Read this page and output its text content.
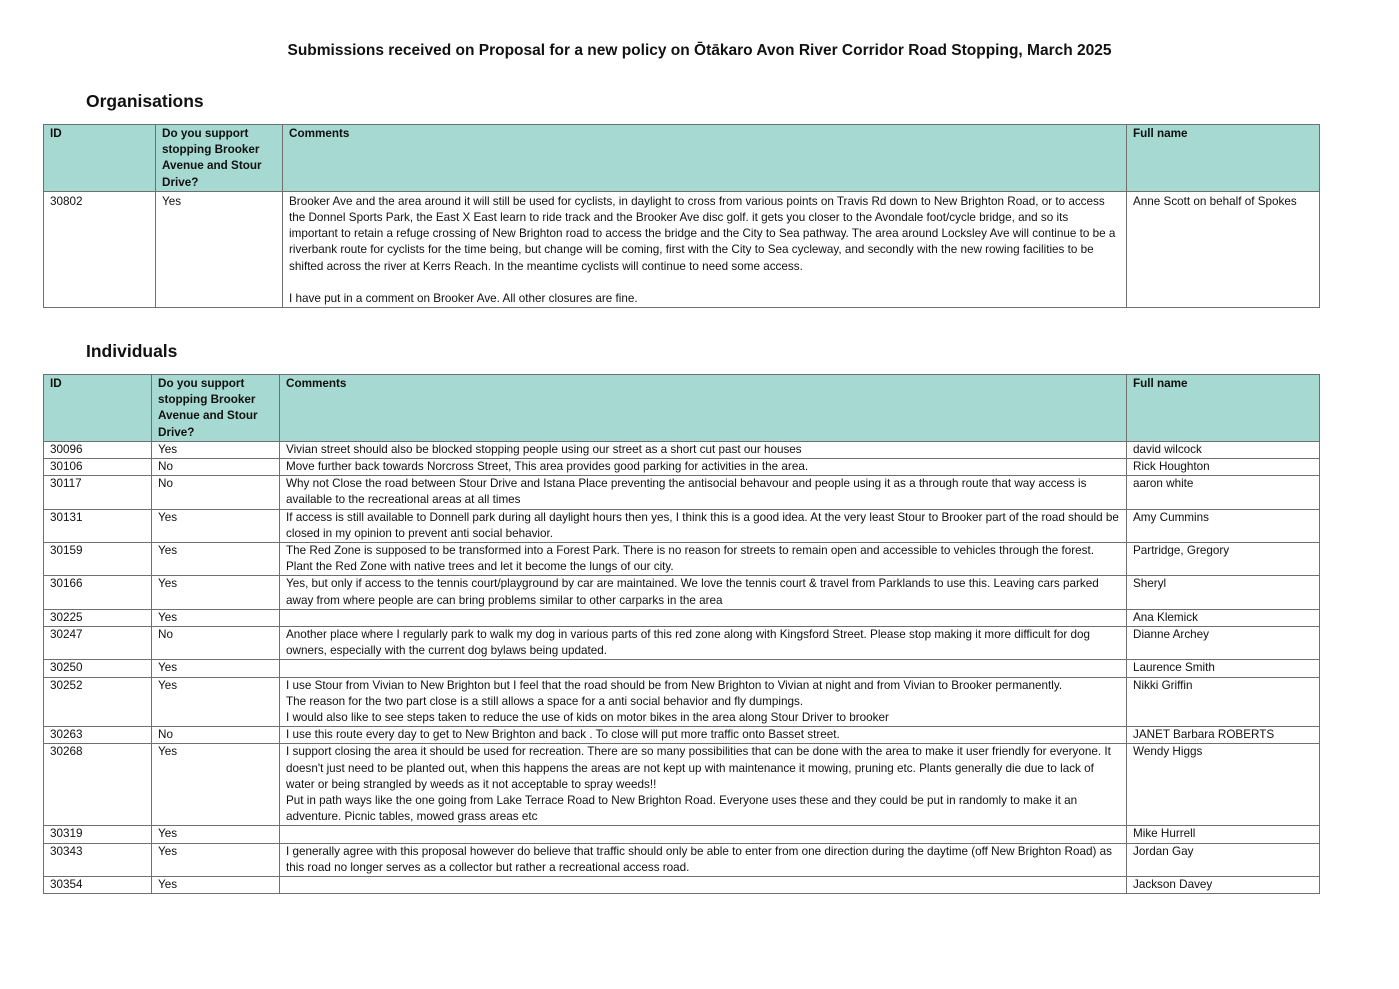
Submissions received on Proposal for a new policy on Ōtākaro Avon River Corridor Road Stopping, March 2025
Organisations
ID	Do you support stopping Brooker Avenue and Stour Drive?	Comments	Full name
30802	Yes	Brooker Ave and the area around it will still be used for cyclists, in daylight to cross from various points on Travis Rd down to New Brighton Road, or to access the Donnel Sports Park, the East X East learn to ride track and the Brooker Ave disc golf. it gets you closer to the Avondale foot/cycle bridge, and so its important to retain a refuge crossing of New Brighton road to access the bridge and the City to Sea pathway. The area around Locksley Ave will continue to be a riverbank route for cyclists for the time being, but change will be coming, first with the City to Sea cycleway, and secondly with the new rowing facilities to be shifted across the river at Kerrs Reach. In the meantime cyclists will continue to need some access.

I have put in a comment on Brooker Ave. All other closures are fine.	Anne Scott on behalf of Spokes
Individuals
ID	Do you support stopping Brooker Avenue and Stour Drive?	Comments	Full name
30096	Yes	Vivian street should also be blocked stopping people using our street as a short cut past our houses	david wilcock
30106	No	Move further back towards Norcross Street, This area provides good parking for activities in the area.	Rick Houghton
30117	No	Why not Close the road between Stour Drive and Istana Place preventing the antisocial behavour and people using it as a through route that way access is available to the recreational areas at all times	aaron white
30131	Yes	If access is still available to Donnell park during all daylight hours then yes, I think this is a good idea. At the very least Stour to Brooker part of the road should be closed in my opinion to prevent anti social behavior.	Amy Cummins
30159	Yes	The Red Zone is supposed to be transformed into a Forest Park. There is no reason for streets to remain open and accessible to vehicles through the forest. Plant the Red Zone with native trees and let it become the lungs of our city.	Partridge, Gregory
30166	Yes	Yes, but only if access to the tennis court/playground by car are maintained. We love the tennis court & travel from Parklands to use this. Leaving cars parked away from where people are can bring problems similar to other carparks in the area	Sheryl
30225	Yes		Ana Klemick
30247	No	Another place where I regularly park to walk my dog in various parts of this red zone along with Kingsford Street. Please stop making it more difficult for dog owners, especially with the current dog bylaws being updated.	Dianne Archey
30250	Yes		Laurence Smith
30252	Yes	I use Stour from Vivian to New Brighton but I feel that the road should be from New Brighton to Vivian at night and from Vivian to Brooker permanently.
The reason for the two part close is a still allows a space for a anti social behavior and fly dumpings.
I would also like to see steps taken to reduce the use of kids on motor bikes in the area along Stour Driver to brooker	Nikki Griffin
30263	No	I use this route every day to get to New Brighton and back . To close will put more traffic onto Basset street.	JANET Barbara ROBERTS
30268	Yes	I support closing the area it should be used for recreation. There are so many possibilities that can be done with the area to make it user friendly for everyone. It doesn't just need to be planted out, when this happens the areas are not kept up with maintenance it mowing, pruning etc. Plants generally die due to lack of water or being strangled by weeds as it not acceptable to spray weeds!!
Put in path ways like the one going from Lake Terrace Road to New Brighton Road. Everyone uses these and they could be put in randomly to make it an adventure. Picnic tables, mowed grass areas etc	Wendy Higgs
30319	Yes		Mike Hurrell
30343	Yes	I generally agree with this proposal however do believe that traffic should only be able to enter from one direction during the daytime (off New Brighton Road) as this road no longer serves as a collector but rather a recreational access road.	Jordan Gay
30354	Yes		Jackson Davey
